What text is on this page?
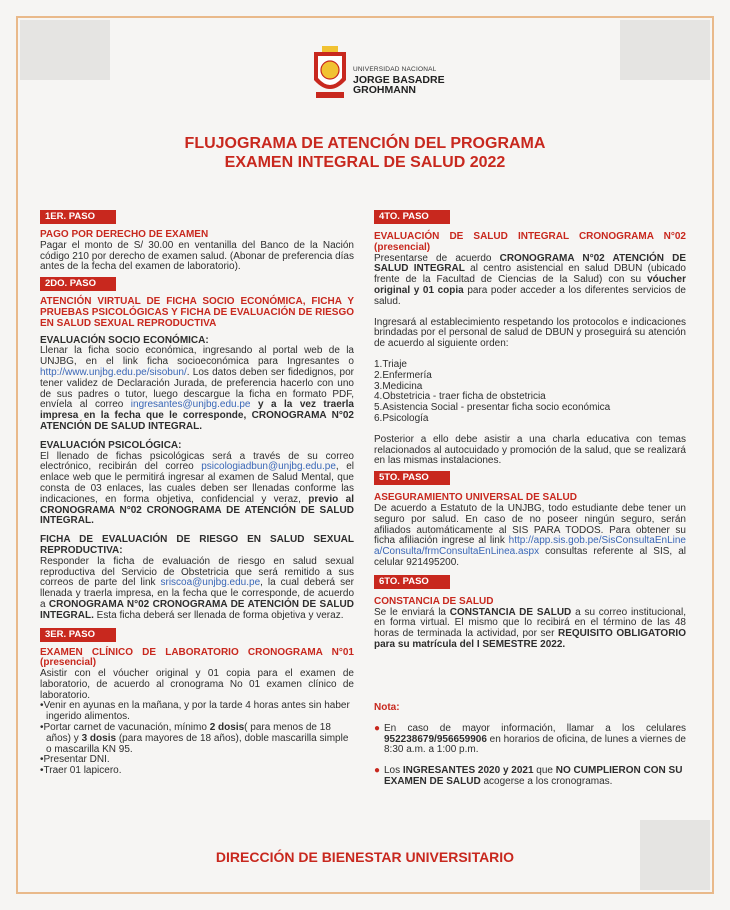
UNIVERSIDAD NACIONAL
JORGE BASADRE
GROHMANN
FLUJOGRAMA DE ATENCIÓN DEL PROGRAMA
EXAMEN INTEGRAL DE SALUD 2022
1ER. PASO
PAGO POR DERECHO DE EXAMEN

Pagar el monto de S/ 30.00 en ventanilla del Banco de la Nación código 210 por derecho de examen salud. (Abonar de preferencia días antes de la fecha del examen de laboratorio).

2DO. PASO
ATENCIÓN VIRTUAL DE FICHA SOCIO ECONÓMICA, FICHA Y PRUEBAS PSICOLÓGICAS Y FICHA DE EVALUACIÓN DE RIESGO EN SALUD SEXUAL REPRODUCTIVA
EVALUACIÓN SOCIO ECONÓMICA:

Llenar la ficha socio económica, ingresando al portal web de la UNJBG, en el link ficha socioeconómica para Ingresantes o http://www.unjbg.edu.pe/sisobun/. Los datos deben ser fidedignos, por tener validez de Declaración Jurada, de preferencia hacerlo con uno de sus padres o tutor, luego descargue la ficha en formato PDF, envíela al correo ingresantes@unjbg.edu.pe y a la vez traerla impresa en la fecha que le corresponde, CRONOGRAMA N°02 ATENCIÓN DE SALUD INTEGRAL.

EVALUACIÓN PSICOLÓGICA:

El llenado de fichas psicológicas será a través de su correo electrónico, recibirán del correo psicologiadbun@unjbg.edu.pe, el enlace web que le permitirá ingresar al examen de Salud Mental, que consta de 03 enlaces, las cuales deben ser llenadas conforme las indicaciones, en forma objetiva, confidencial y veraz, previo al CRONOGRAMA N°02 CRONOGRAMA DE ATENCIÓN DE SALUD INTEGRAL.

FICHA DE EVALUACIÓN DE RIESGO EN SALUD SEXUAL REPRODUCTIVA:

Responder la ficha de evaluación de riesgo en salud sexual reproductiva del Servicio de Obstetricia que será remitido a sus correos de parte del link sriscoa@unjbg.edu.pe, la cual deberá ser llenada y traerla impresa, en la fecha que le corresponde, de acuerdo a CRONOGRAMA N°02 CRONOGRAMA DE ATENCIÓN DE SALUD INTEGRAL. Esta ficha deberá ser llenada de forma objetiva y veraz.

3ER. PASO
EXAMEN CLÍNICO DE LABORATORIO CRONOGRAMA N°01 (presencial)

Asistir con el vóucher original y 01 copia para el examen de laboratorio, de acuerdo al cronograma No 01 examen clínico de laboratorio.

•Venir en ayunas en la mañana, y por la tarde 4 horas antes sin haber ingerido alimentos.
•Portar carnet de vacunación, mínimo 2 dosis( para menos de 18 años) y 3 dosis (para mayores de 18 años), doble mascarilla simple o mascarilla KN 95.
•Presentar DNI.
•Traer 01 lapicero.
4TO. PASO
EVALUACIÓN DE SALUD INTEGRAL CRONOGRAMA N°02 (presencial)

Presentarse de acuerdo CRONOGRAMA N°02 ATENCIÓN DE SALUD INTEGRAL al centro asistencial en salud DBUN (ubicado frente de la Facultad de Ciencias de la Salud) con su vóucher original y 01 copia para poder acceder a los diferentes servicios de salud.

Ingresará al establecimiento respetando los protocolos e indicaciones brindadas por el personal de salud de DBUN y proseguirá su atención de acuerdo al siguiente orden:

1.Triaje
2.Enfermería
3.Medicina
4.Obstetricia - traer ficha de obstetricia
5.Asistencia Social - presentar ficha socio económica
6.Psicología

Posterior a ello debe asistir a una charla educativa con temas relacionados al autocuidado y promoción de la salud, que se realizará en las mismas instalaciones.

5TO. PASO
ASEGURAMIENTO UNIVERSAL DE SALUD

De acuerdo a Estatuto de la UNJBG, todo estudiante debe tener un seguro por salud. En caso de no poseer ningún seguro, serán afiliados automáticamente al SIS PARA TODOS. Para obtener su ficha afiliación ingrese al link http://app.sis.gob.pe/SisConsultaEnLinea/Consulta/frmConsultaEnLinea.aspx consultas referente al SIS, al celular 921495200.

6TO. PASO
CONSTANCIA DE SALUD

Se le enviará la CONSTANCIA DE SALUD a su correo institucional, en forma virtual. El mismo que lo recibirá en el término de las 48 horas de terminada la actividad, por ser REQUISITO OBLIGATORIO para su matrícula del I SEMESTRE 2022.

Nota:
● En caso de mayor información, llamar a los celulares 952238679/956659906 en horarios de oficina, de lunes a viernes de 8:30 a.m. a 1:00 p.m.

● Los INGRESANTES 2020 y 2021 que NO CUMPLIERON CON SU EXAMEN DE SALUD acogerse a los cronogramas.

DIRECCIÓN DE BIENESTAR UNIVERSITARIO
